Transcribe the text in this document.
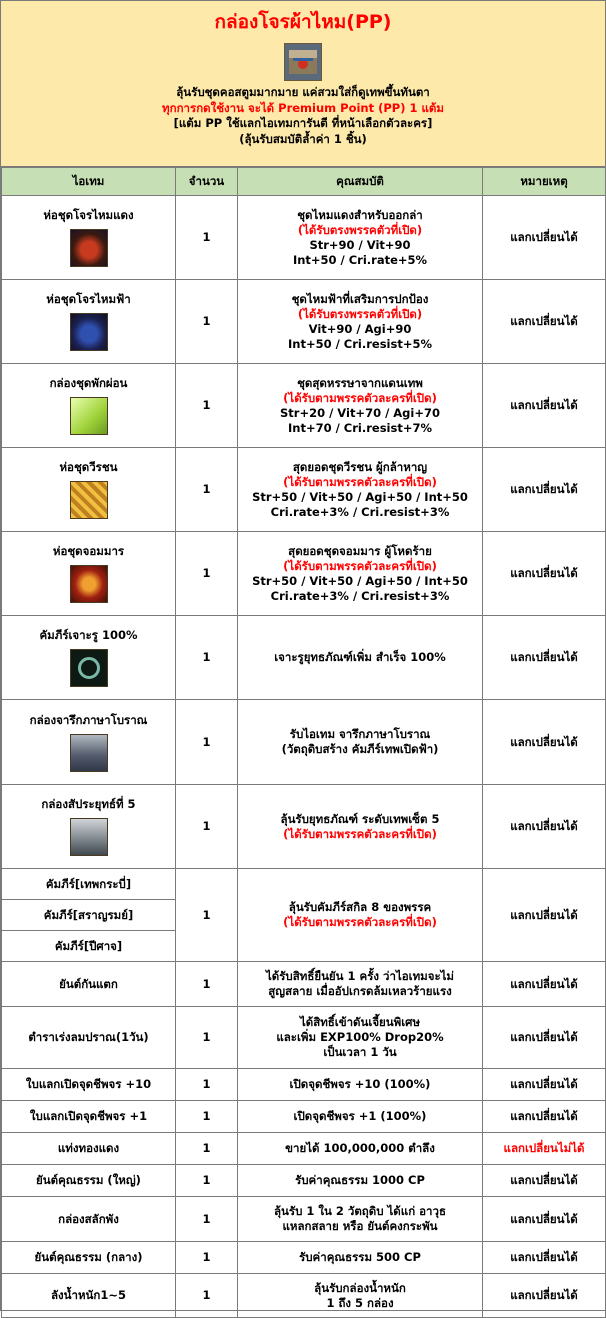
กล่องโจรผ้าไหม(PP)
ลุ้นรับชุดคอสตูมมากมาย แค่สวมใส่ก็ดูเทพขึ้นทันตา
ทุกการกดใช้งาน จะได้ Premium Point (PP) 1 แต้ม
[แต้ม PP ใช้แลกไอเทมการันตี ที่หน้าเลือกตัวละคร]
(ลุ้นรับสมบัติล้ำค่า 1 ชิ้น)
ไอเทม	จำนวน	คุณสมบัติ	หมายเหตุ

ห่อชุดโจรไหมแดง	1	ชุดไหมแดงสำหรับออกล่า
(ได้รับตรงพรรคตัวที่เปิด)
Str+90 / Vit+90
Int+50 / Cri.rate+5%	แลกเปลี่ยนได้

ห่อชุดโจรไหมฟ้า	1	ชุดไหมฟ้าที่เสริมการปกป้อง
(ได้รับตรงพรรคตัวที่เปิด)
Vit+90 / Agi+90
Int+50 / Cri.resist+5%	แลกเปลี่ยนได้

กล่องชุดพักผ่อน	1	ชุดสุดหรรษาจากแดนเทพ
(ได้รับตามพรรคตัวละครที่เปิด)
Str+20 / Vit+70 / Agi+70
Int+70 / Cri.resist+7%	แลกเปลี่ยนได้

ห่อชุดวีรชน	1	สุดยอดชุดวีรชน ผู้กล้าหาญ
(ได้รับตามพรรคตัวละครที่เปิด)
Str+50 / Vit+50 / Agi+50 / Int+50
Cri.rate+3% / Cri.resist+3%	แลกเปลี่ยนได้

ห่อชุดจอมมาร	1	สุดยอดชุดจอมมาร ผู้โหดร้าย
(ได้รับตามพรรคตัวละครที่เปิด)
Str+50 / Vit+50 / Agi+50 / Int+50
Cri.rate+3% / Cri.resist+3%	แลกเปลี่ยนได้

คัมภีร์เจาะรู 100%	1	เจาะรูยุทธภัณฑ์เพิ่ม สำเร็จ 100%	แลกเปลี่ยนได้

กล่องจารึกภาษาโบราณ	1	รับไอเทม จารึกภาษาโบราณ
(วัตถุดิบสร้าง คัมภีร์เทพเปิดฟ้า)	แลกเปลี่ยนได้

กล่องสัประยุทธ์ที่ 5	1	ลุ้นรับยุทธภัณฑ์ ระดับเทพเซ็ต 5
(ได้รับตามพรรคตัวละครที่เปิด)	แลกเปลี่ยนได้
คัมภีร์[เทพกระบี่]	1	ลุ้นรับคัมภีร์สกิล 8 ของพรรค
(ได้รับตามพรรคตัวละครที่เปิด)	แลกเปลี่ยนได้
คัมภีร์[สราญรมย์]			
คัมภีร์[ปีศาจ]			
ยันต์กันแตก	1	ได้รับสิทธิ์ยืนยัน 1 ครั้ง ว่าไอเทมจะไม่
สูญสลาย เมื่ออัปเกรดล้มเหลวร้ายแรง	แลกเปลี่ยนได้
ตำราเร่งลมปราณ(1วัน)	1	ได้สิทธิ์เข้าดันเจี้ยนพิเศษ
และเพิ่ม EXP100% Drop20%
เป็นเวลา 1 วัน	แลกเปลี่ยนได้
ใบแลกเปิดจุดชีพจร +10	1	เปิดจุดชีพจร +10 (100%)	แลกเปลี่ยนได้
ใบแลกเปิดจุดชีพจร +1	1	เปิดจุดชีพจร +1 (100%)	แลกเปลี่ยนได้
แท่งทองแดง	1	ขายได้ 100,000,000 ตำลึง	แลกเปลี่ยนไม่ได้
ยันต์คุณธรรม (ใหญ่)	1	รับค่าคุณธรรม 1000 CP	แลกเปลี่ยนได้
กล่องสลักพัง	1	ลุ้นรับ 1 ใน 2 วัตถุดิบ ได้แก่ อาวุธ
แหลกสลาย หรือ ยันต์คงกระพัน	แลกเปลี่ยนได้
ยันต์คุณธรรม (กลาง)	1	รับค่าคุณธรรม 500 CP	แลกเปลี่ยนได้
ลังน้ำหนัก1~5	1	ลุ้นรับกล่องน้ำหนัก
1 ถึง 5 กล่อง	แลกเปลี่ยนได้
